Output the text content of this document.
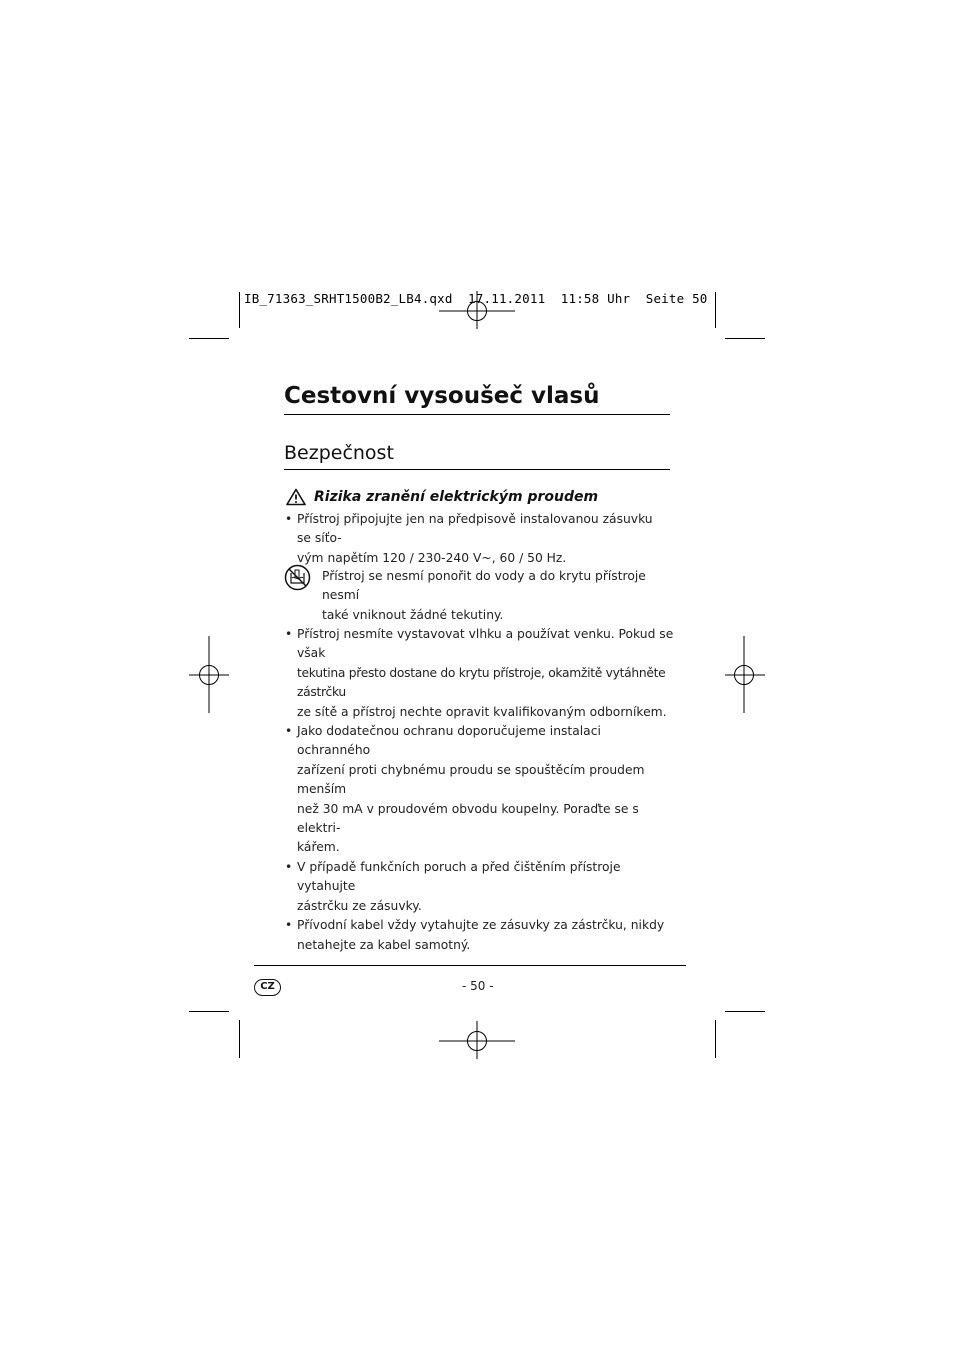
IB_71363_SRHT1500B2_LB4.qxd  17.11.2011  11:58 Uhr  Seite 50
Cestovní vysoušeč vlasů
Bezpečnost
Rizika zranění elektrickým proudem
• Přístroj připojujte jen na předpisově instalovanou zásuvku se síťo-
vým napětím 120 / 230-240 V~, 60 / 50 Hz.
Přístroj se nesmí ponořit do vody a do krytu přístroje nesmí
také vniknout žádné tekutiny.
• Přístroj nesmíte vystavovat vlhku a používat venku. Pokud se však
tekutina přesto dostane do krytu přístroje, okamžitě vytáhněte zástrčku
ze sítě a přístroj nechte opravit kvalifikovaným odborníkem.
• Jako dodatečnou ochranu doporučujeme instalaci ochranného
zařízení proti chybnému proudu se spouštěcím proudem menším
než 30 mA v proudovém obvodu koupelny. Poraďte se s elektri-
kářem.
• V případě funkčních poruch a před čištěním přístroje vytahujte
zástrčku ze zásuvky.
• Přívodní kabel vždy vytahujte ze zásuvky za zástrčku, nikdy
netahejte za kabel samotný.
CZ	- 50 -
